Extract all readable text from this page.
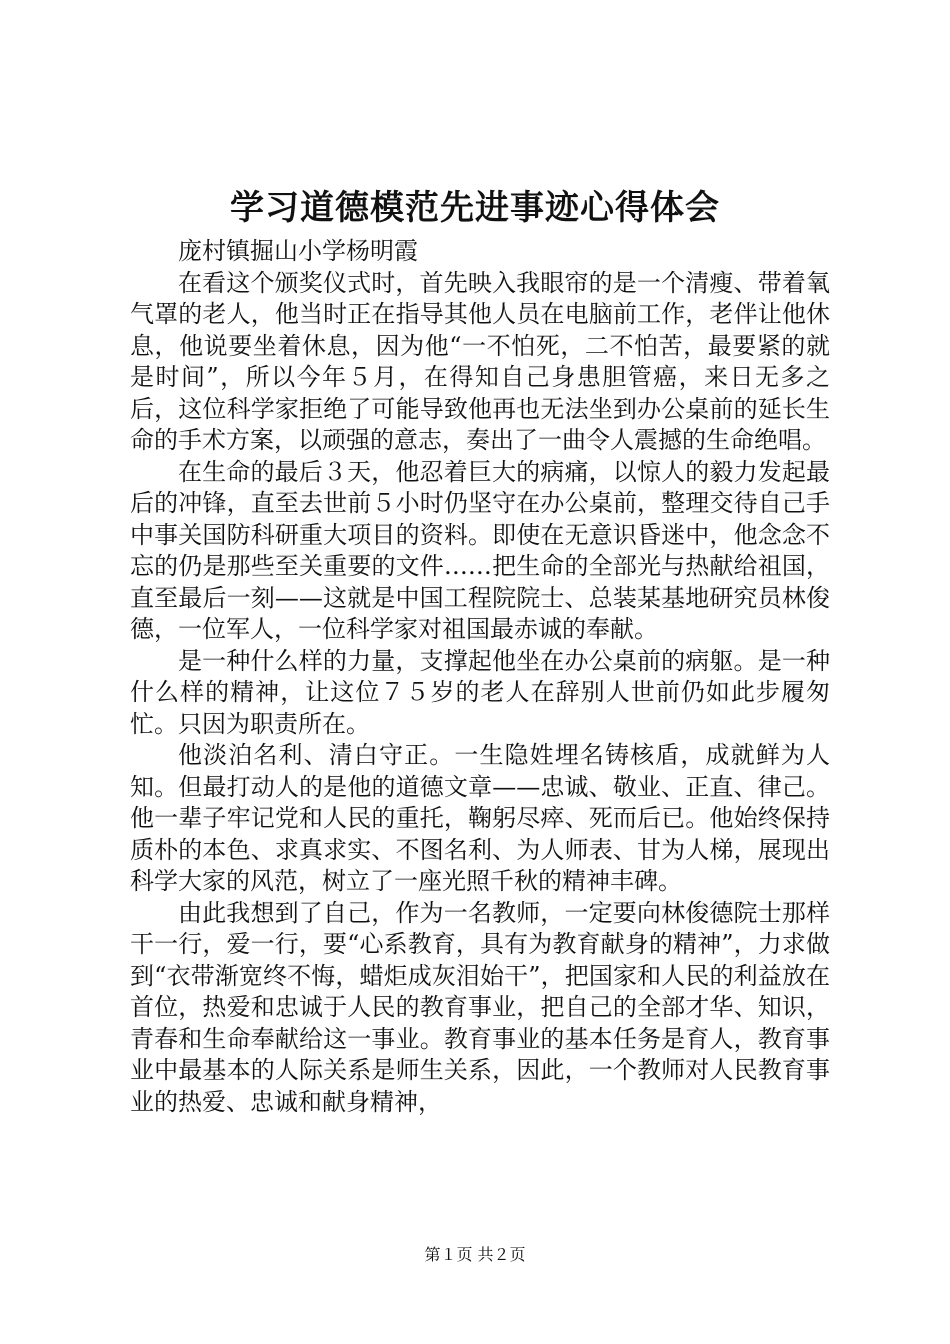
学习道德模范先进事迹心得体会

庞村镇掘山小学杨明霞

在看这个颁奖仪式时，首先映入我眼帘的是一个清瘦、带着氧气罩的老人，他当时正在指导其他人员在电脑前工作，老伴让他休息，他说要坐着休息，因为他“一不怕死，二不怕苦，最要紧的就是时间”，所以今年５月，在得知自己身患胆管癌，来日无多之后，这位科学家拒绝了可能导致他再也无法坐到办公桌前的延长生命的手术方案，以顽强的意志，奏出了一曲令人震撼的生命绝唱。

在生命的最后３天，他忍着巨大的病痛，以惊人的毅力发起最后的冲锋，直至去世前５小时仍坚守在办公桌前，整理交待自己手中事关国防科研重大项目的资料。即使在无意识昏迷中，他念念不忘的仍是那些至关重要的文件……把生命的全部光与热献给祖国，直至最后一刻——这就是中国工程院院士、总装某基地研究员林俊德，一位军人，一位科学家对祖国最赤诚的奉献。

是一种什么样的力量，支撑起他坐在办公桌前的病躯。是一种什么样的精神，让这位７５岁的老人在辞别人世前仍如此步履匆忙。只因为职责所在。

他淡泊名利、清白守正。一生隐姓埋名铸核盾，成就鲜为人知。但最打动人的是他的道德文章——忠诚、敬业、正直、律己。他一辈子牢记党和人民的重托，鞠躬尽瘁、死而后已。他始终保持质朴的本色、求真求实、不图名利、为人师表、甘为人梯，展现出科学大家的风范，树立了一座光照千秋的精神丰碑。

由此我想到了自己，作为一名教师，一定要向林俊德院士那样干一行，爱一行，要“心系教育，具有为教育献身的精神”，力求做到“衣带渐宽终不悔，蜡炬成灰泪始干”，把国家和人民的利益放在首位，热爱和忠诚于人民的教育事业，把自己的全部才华、知识，青春和生命奉献给这一事业。教育事业的基本任务是育人，教育事业中最基本的人际关系是师生关系，因此，一个教师对人民教育事业的热爱、忠诚和献身精神，

第１页 共２页
